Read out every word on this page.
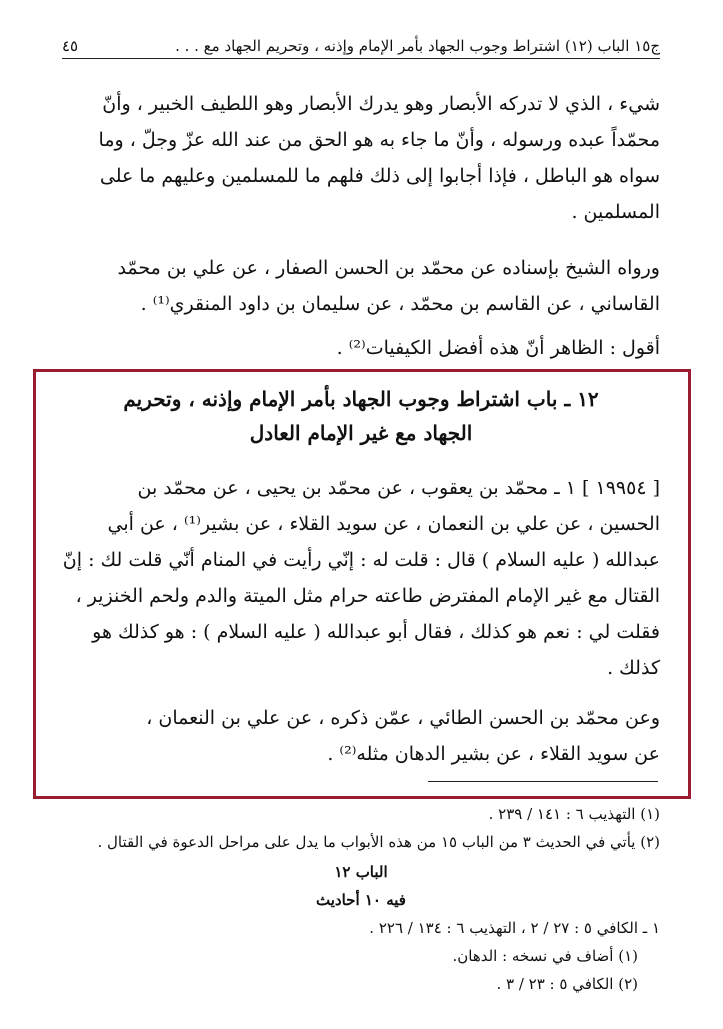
٤٥	ج١٥ الباب (١٢) اشتراط وجوب الجهاد بأمر الإمام وإذنه ، وتحريم الجهاد مع . . .
شيء ، الذي لا تدركه الأبصار وهو يدرك الأبصار وهو اللطيف الخبير ، وأنّ
محمّداً عبده ورسوله ، وأنّ ما جاء به هو الحق من عند الله عزّ وجلّ ، وما
سواه هو الباطل ، فإذا أجابوا إلى ذلك فلهم ما للمسلمين وعليهم ما على
المسلمين .
ورواه الشيخ بإسناده عن محمّد بن الحسن الصفار ، عن علي بن محمّد
القاساني ، عن القاسم بن محمّد ، عن سليمان بن داود المنقري⁽¹⁾ .
أقول : الظاهر أنّ هذه أفضل الكيفيات⁽²⁾ .
١٢ ـ باب اشتراط وجوب الجهاد بأمر الإمام وإذنه ، وتحريم
الجهاد مع غير الإمام العادل
[ ١٩٩٥٤ ] ١ ـ محمّد بن يعقوب ، عن محمّد بن يحيى ، عن محمّد بن
الحسين ، عن علي بن النعمان ، عن سويد القلاء ، عن بشير⁽¹⁾ ، عن أبي
عبدالله ( عليه السلام ) قال : قلت له : إنّي رأيت في المنام أنّي قلت لك : إنّ
القتال مع غير الإمام المفترض طاعته حرام مثل الميتة والدم ولحم الخنزير ،
فقلت لي : نعم هو كذلك ، فقال أبو عبدالله ( عليه السلام ) : هو كذلك هو
كذلك .
وعن محمّد بن الحسن الطائي ، عمّن ذكره ، عن علي بن النعمان ،
عن سويد القلاء ، عن بشير الدهان مثله⁽²⁾ .
(١) التهذيب ٦ : ١٤١ / ٢٣٩ .
(٢) يأتي في الحديث ٣ من الباب ١٥ من هذه الأبواب ما يدل على مراحل الدعوة في القتال .
الباب ١٢
فيه ١٠ أحاديث
١ ـ الكافي ٥ : ٢٧ / ٢ ، التهذيب ٦ : ١٣٤ / ٢٢٦ .
(١) أضاف في نسخه : الدهان.
(٢) الكافي ٥ : ٢٣ / ٣ .
